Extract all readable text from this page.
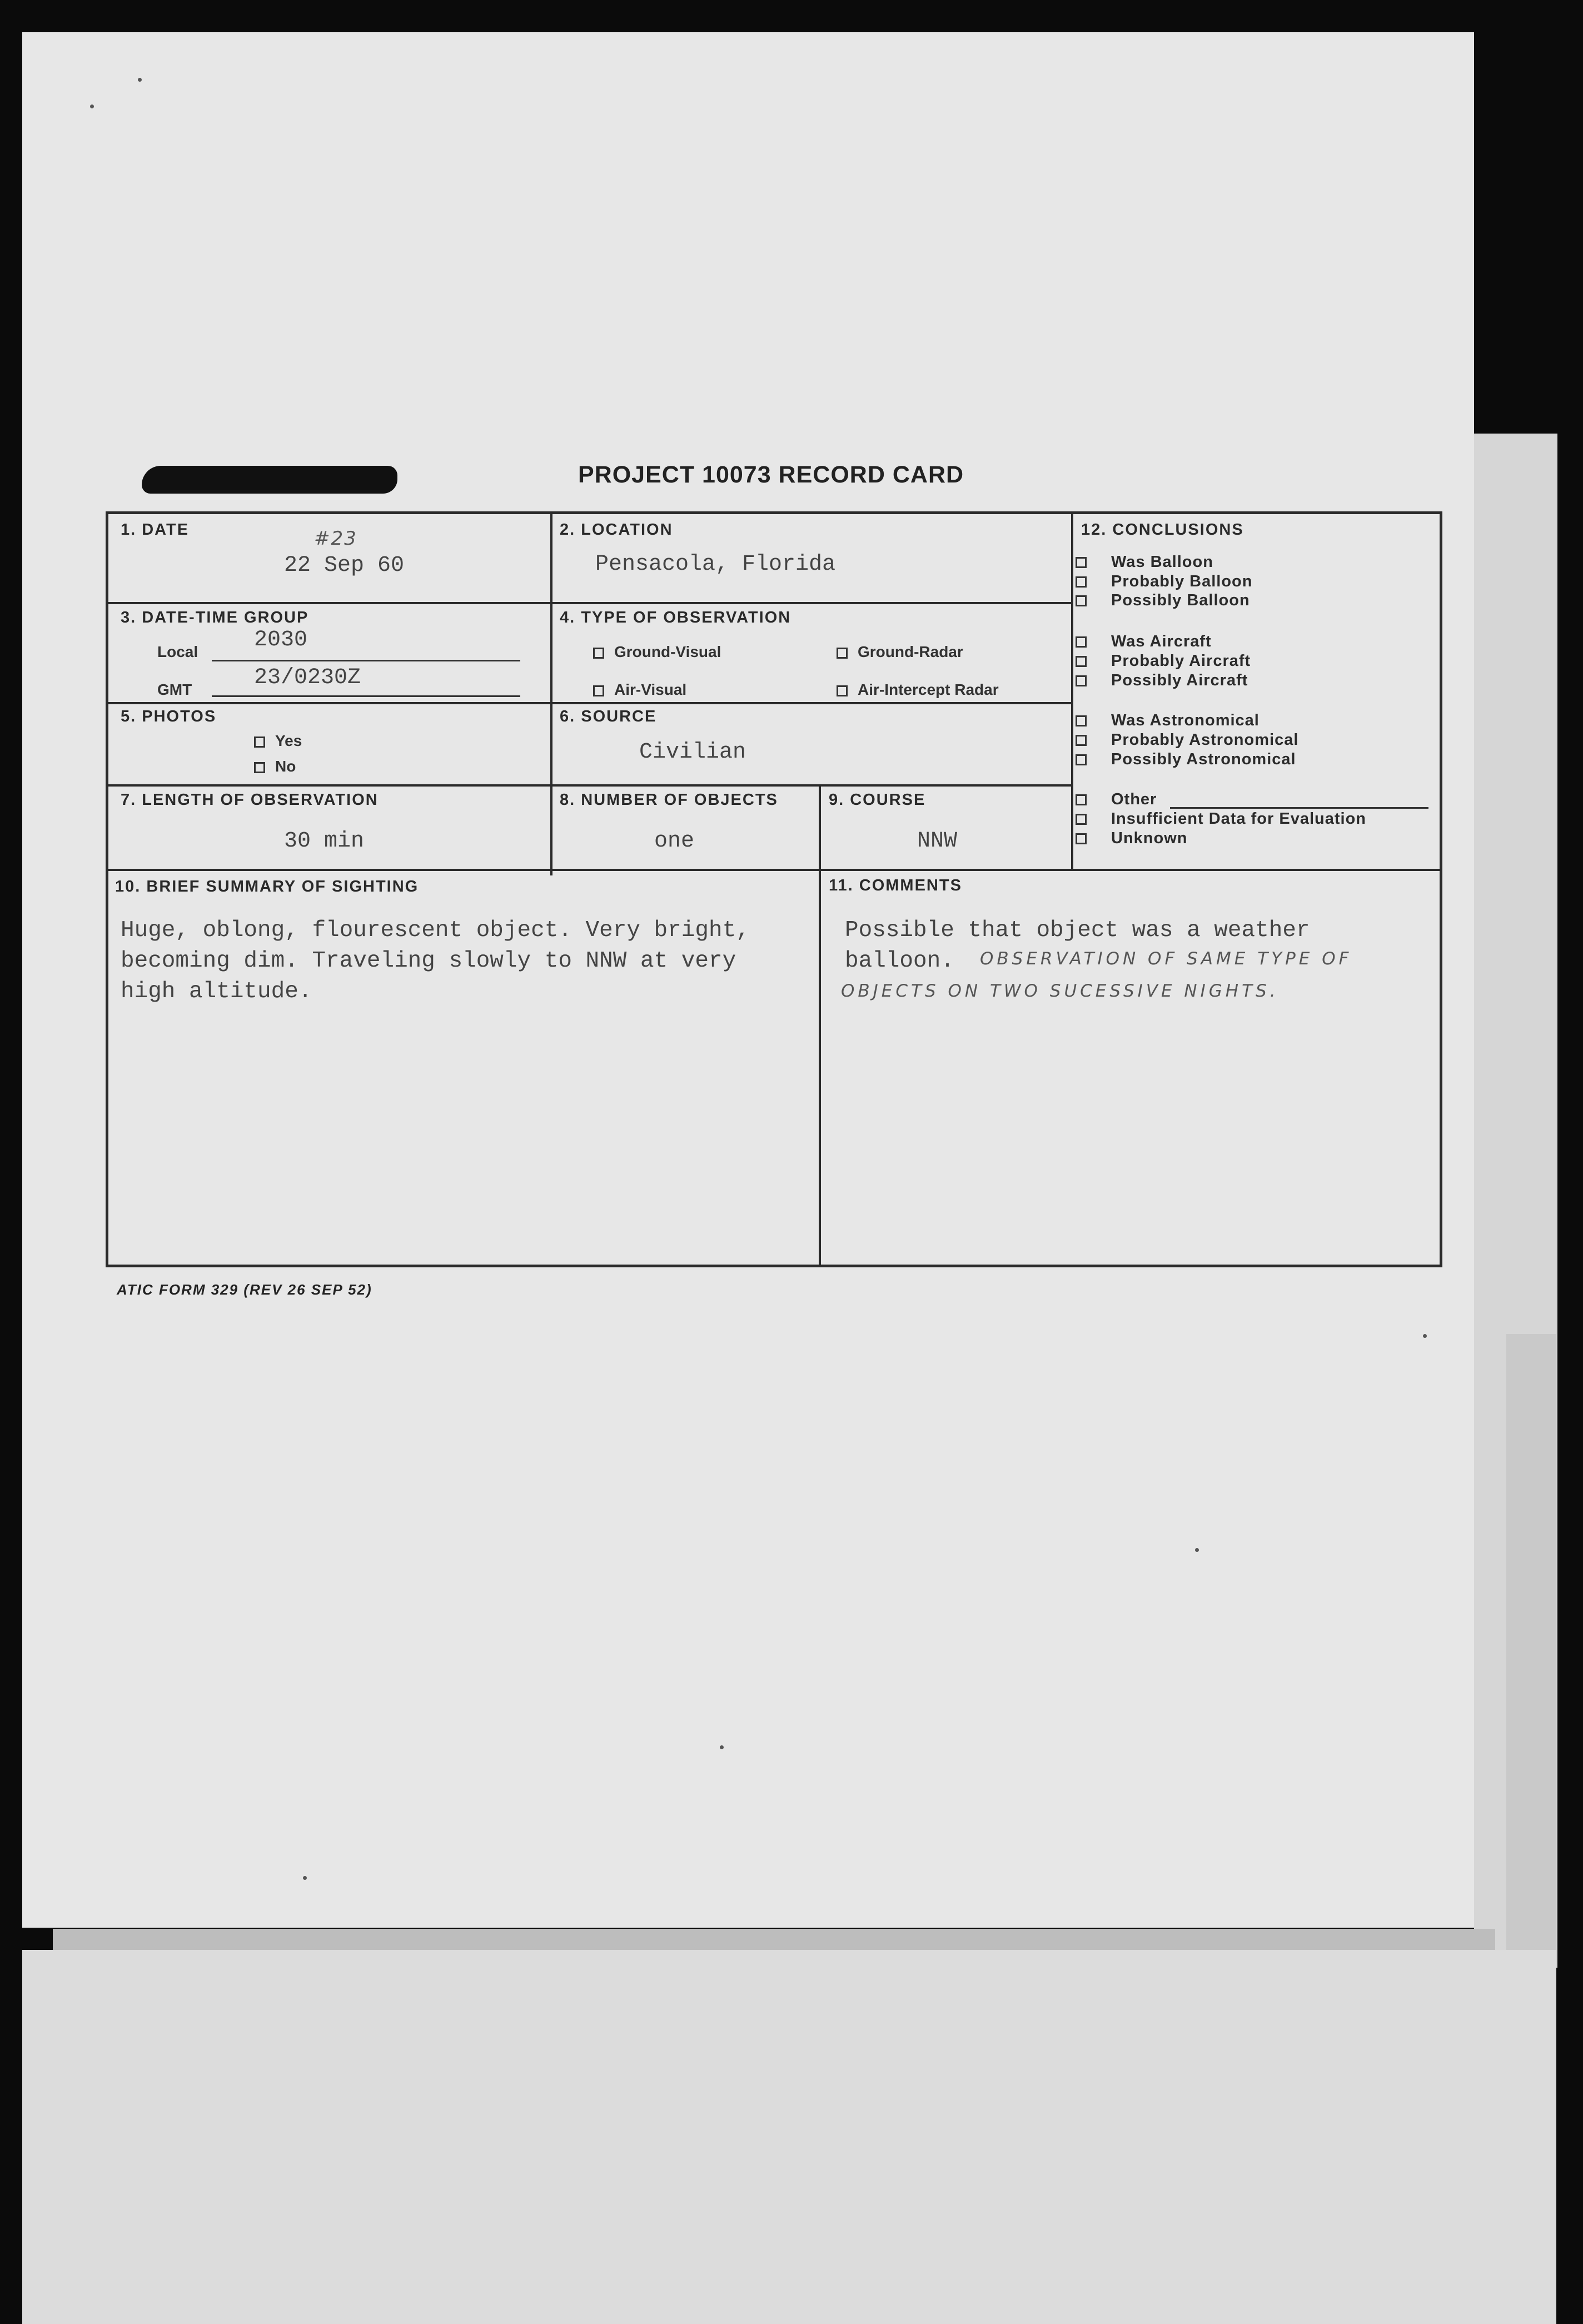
PROJECT 10073 RECORD CARD
1. DATE	#23
22 Sep 60
2. LOCATION
Pensacola, Florida
3. DATE-TIME GROUP
Local	2030
GMT	23/0230Z
4. TYPE OF OBSERVATION
Ground-Visual	Ground-Radar
Air-Visual	Air-Intercept Radar
5. PHOTOS
Yes
No
6. SOURCE
Civilian
7. LENGTH OF OBSERVATION
30 min
8. NUMBER OF OBJECTS
one
9. COURSE
NNW
10. BRIEF SUMMARY OF SIGHTING
Huge, oblong, flourescent object. Very bright,
becoming dim. Traveling slowly to NNW at very
high altitude.
11. COMMENTS
Possible that object was a weather
balloon. OBSERVATION OF SAME TYPE OF
OBJECTS ON TWO SUCESSIVE NIGHTS.
12. CONCLUSIONS
Was Balloon
Probably Balloon
Possibly Balloon
Was Aircraft
Probably Aircraft
Possibly Aircraft
Was Astronomical
Probably Astronomical
Possibly Astronomical
Other
Insufficient Data for Evaluation
Unknown
ATIC FORM 329 (REV 26 SEP 52)
